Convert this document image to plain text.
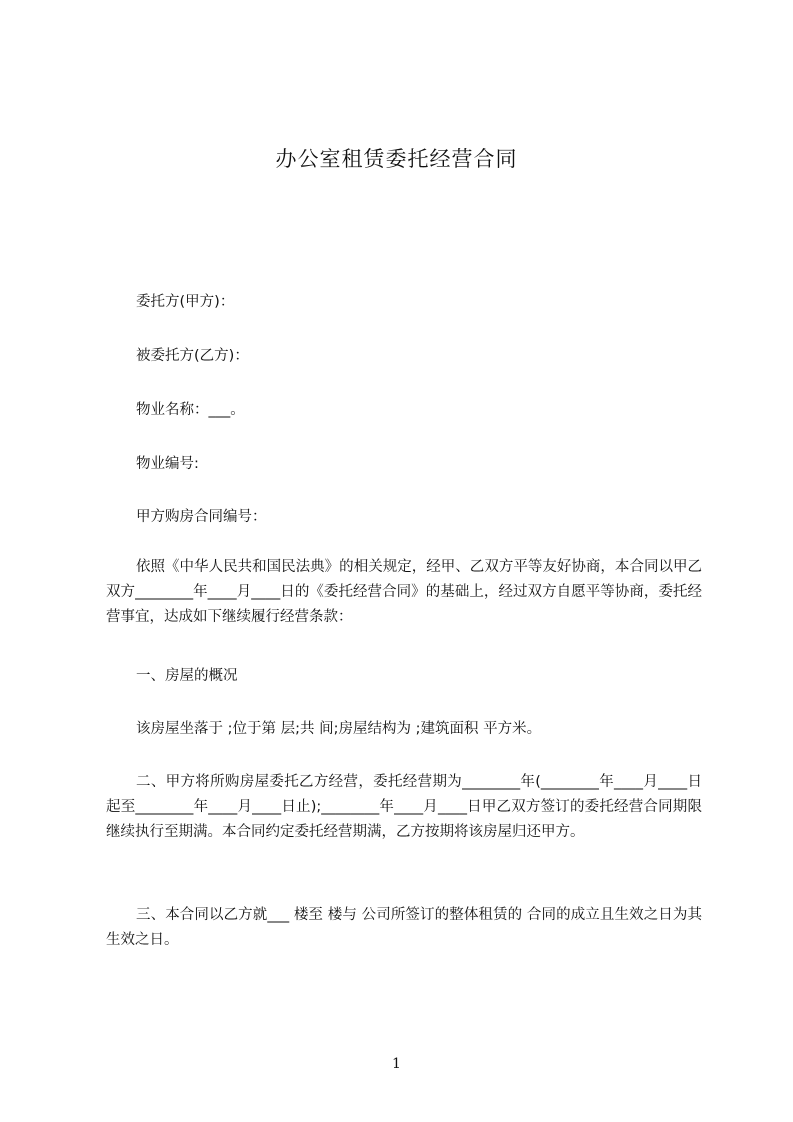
办公室租赁委托经营合同

委托方(甲方)：

被委托方(乙方)：

物业名称：___。

物业编号:

甲方购房合同编号：

依照《中华人民共和国民法典》的相关规定，经甲、乙双方平等友好协商，本合同以甲乙双方________年____月____日的《委托经营合同》的基础上，经过双方自愿平等协商，委托经营事宜，达成如下继续履行经营条款：

一、房屋的概况

该房屋坐落于 ;位于第 层;共 间;房屋结构为 ;建筑面积 平方米。

二、甲方将所购房屋委托乙方经营，委托经营期为________年(________年____月____日起至________年____月____日止);________年____月____日甲乙双方签订的委托经营合同期限继续执行至期满。本合同约定委托经营期满，乙方按期将该房屋归还甲方。

三、本合同以乙方就___ 楼至 楼与 公司所签订的整体租赁的 合同的成立且生效之日为其生效之日。

1
